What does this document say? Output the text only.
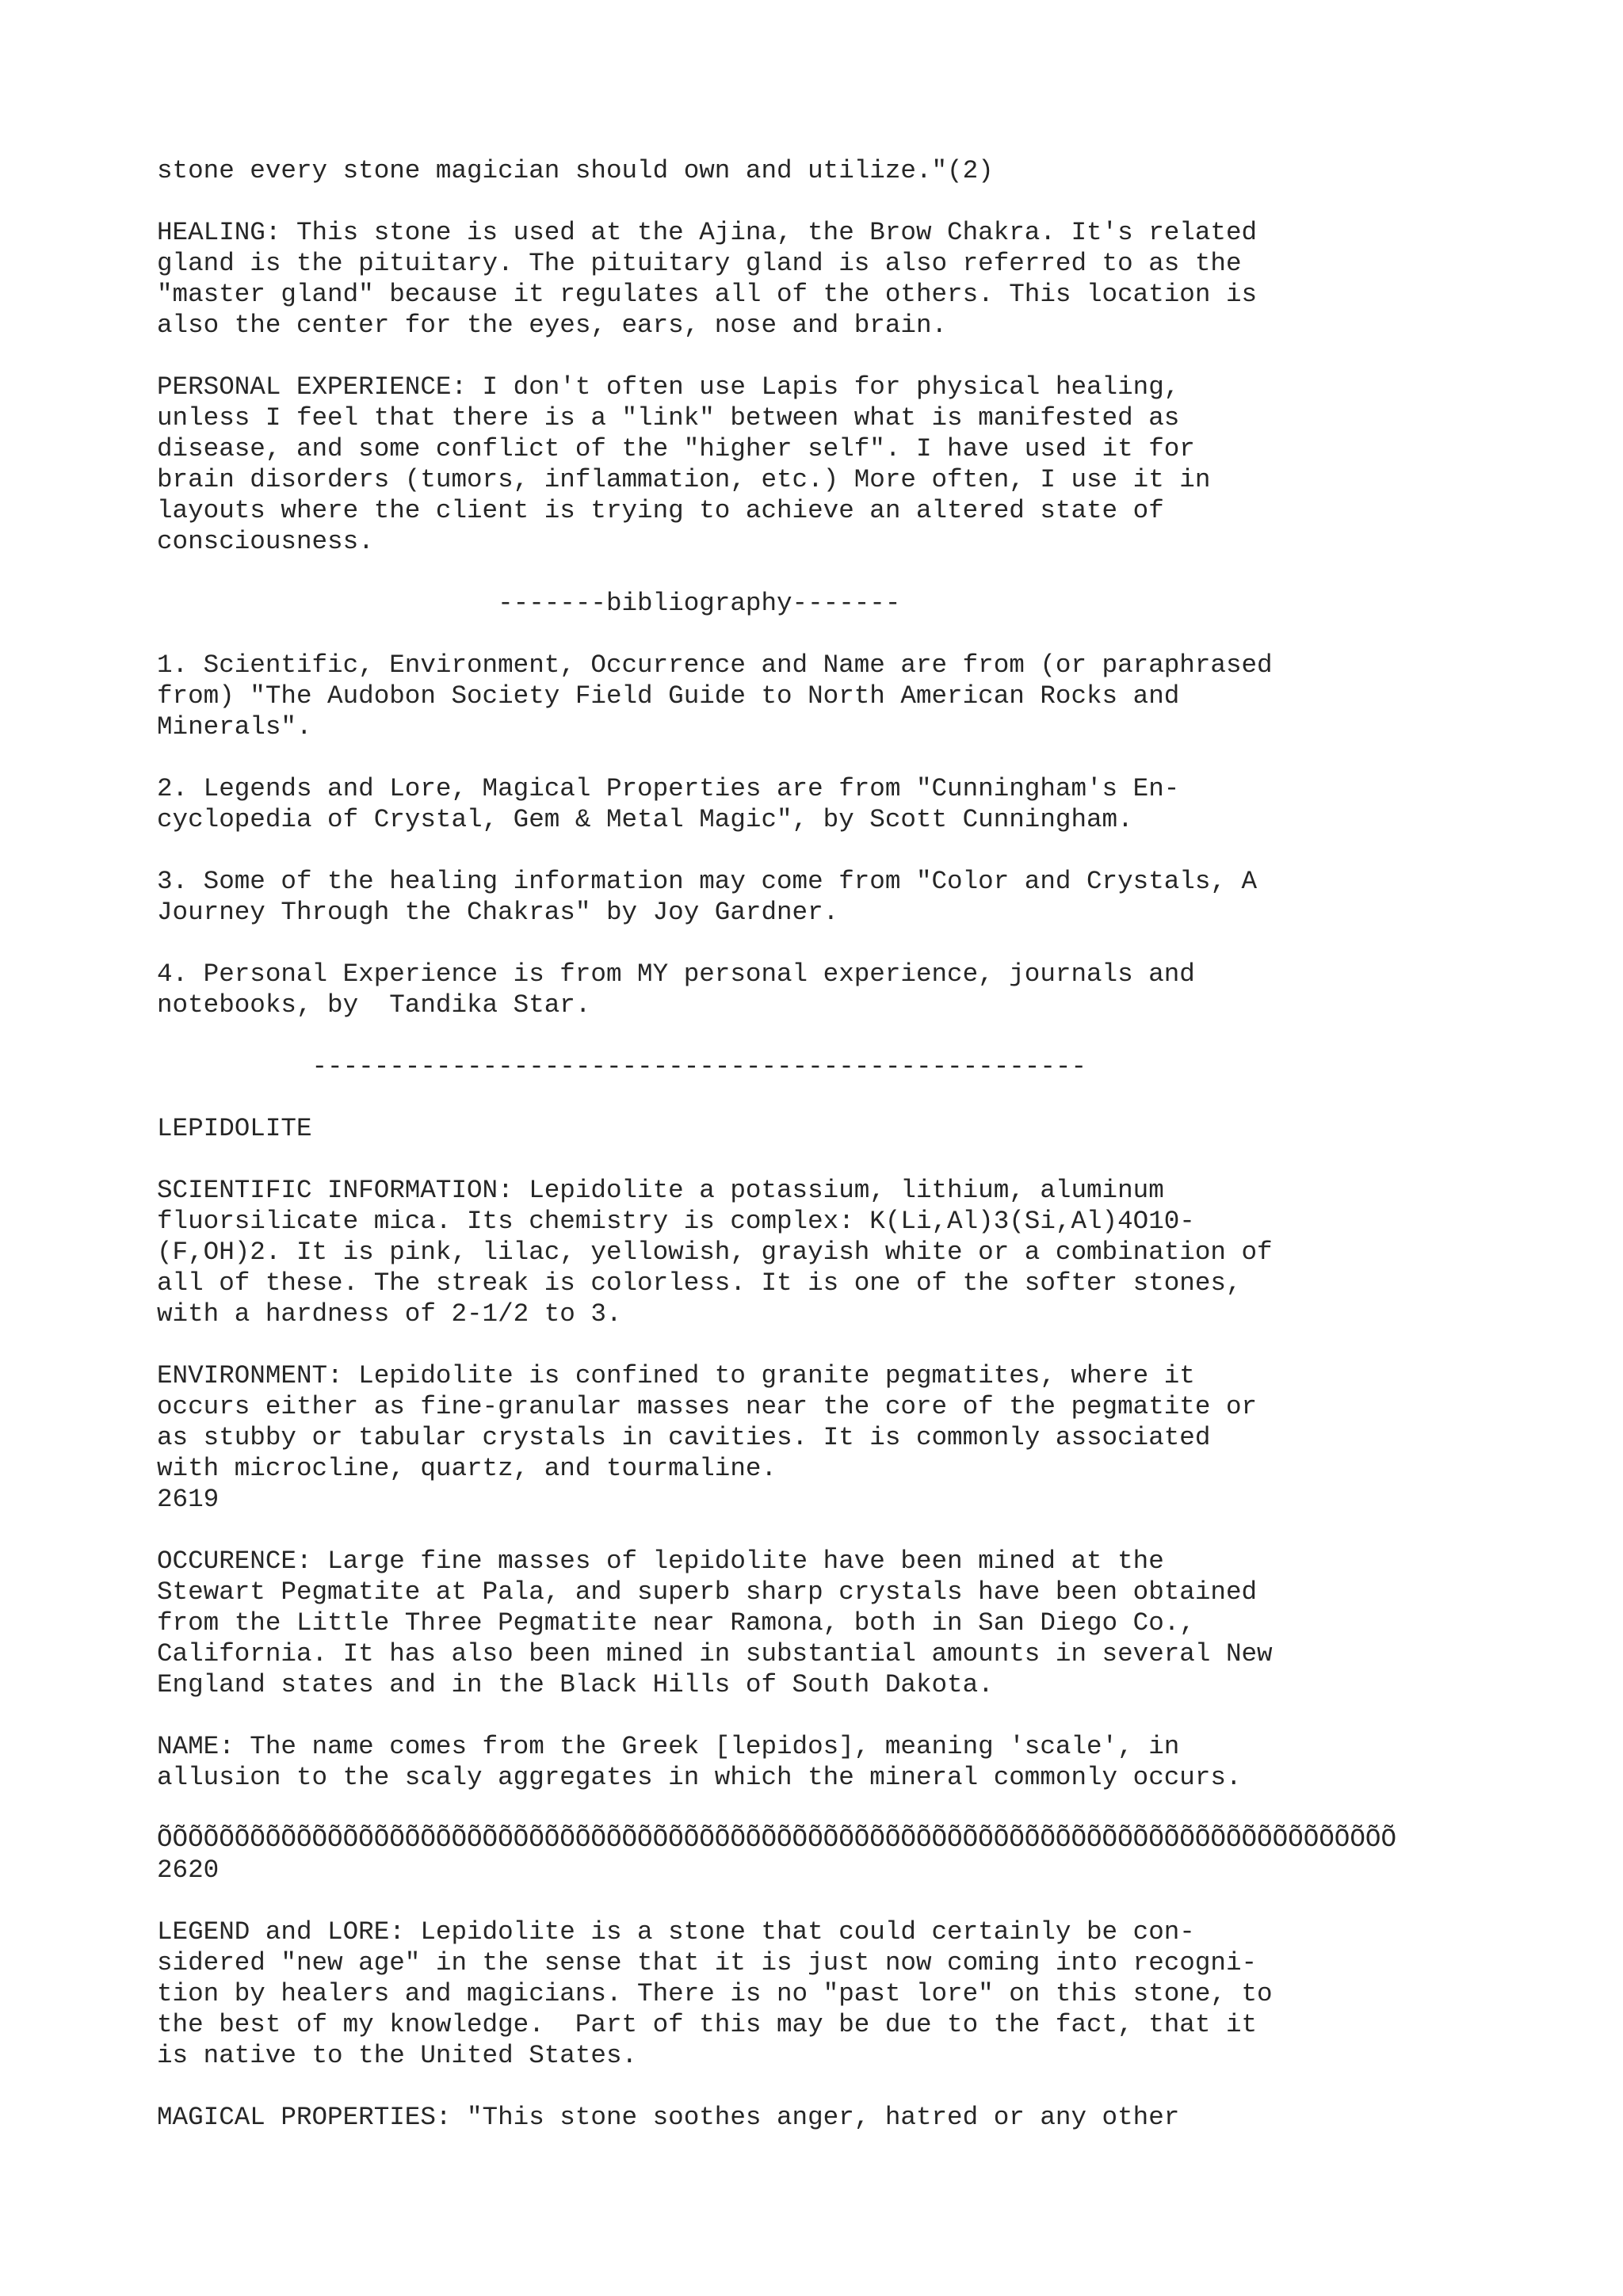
stone every stone magician should own and utilize."(2)
HEALING: This stone is used at the Ajina, the Brow Chakra. It's related
gland is the pituitary. The pituitary gland is also referred to as the
"master gland" because it regulates all of the others. This location is
also the center for the eyes, ears, nose and brain.
PERSONAL EXPERIENCE: I don't often use Lapis for physical healing,
unless I feel that there is a "link" between what is manifested as
disease, and some conflict of the "higher self". I have used it for
brain disorders (tumors, inflammation, etc.) More often, I use it in
layouts where the client is trying to achieve an altered state of
consciousness.
-------bibliography-------
1. Scientific, Environment, Occurrence and Name are from (or paraphrased
from) "The Audobon Society Field Guide to North American Rocks and
Minerals".
2. Legends and Lore, Magical Properties are from "Cunningham's En-
cyclopedia of Crystal, Gem & Metal Magic", by Scott Cunningham.
3. Some of the healing information may come from "Color and Crystals, A
Journey Through the Chakras" by Joy Gardner.
4. Personal Experience is from MY personal experience, journals and
notebooks, by  Tandika Star.
--------------------------------------------------
LEPIDOLITE
SCIENTIFIC INFORMATION: Lepidolite a potassium, lithium, aluminum
fluorsilicate mica. Its chemistry is complex: K(Li,Al)3(Si,Al)4O10-
(F,OH)2. It is pink, lilac, yellowish, grayish white or a combination of
all of these. The streak is colorless. It is one of the softer stones,
with a hardness of 2-1/2 to 3.
ENVIRONMENT: Lepidolite is confined to granite pegmatites, where it
occurs either as fine-granular masses near the core of the pegmatite or
as stubby or tabular crystals in cavities. It is commonly associated
with microcline, quartz, and tourmaline.
2619
OCCURENCE: Large fine masses of lepidolite have been mined at the
Stewart Pegmatite at Pala, and superb sharp crystals have been obtained
from the Little Three Pegmatite near Ramona, both in San Diego Co.,
California. It has also been mined in substantial amounts in several New
England states and in the Black Hills of South Dakota.
NAME: The name comes from the Greek [lepidos], meaning 'scale', in
allusion to the scaly aggregates in which the mineral commonly occurs.
ÕÕÕÕÕÕÕÕÕÕÕÕÕÕÕÕÕÕÕÕÕÕÕÕÕÕÕÕÕÕÕÕÕÕÕÕÕÕÕÕÕÕÕÕÕÕÕÕÕÕÕÕÕÕÕÕÕÕÕÕÕÕÕÕÕÕÕÕÕÕÕÕÕÕÕÕÕÕÕÕ
2620
LEGEND and LORE: Lepidolite is a stone that could certainly be con-
sidered "new age" in the sense that it is just now coming into recogni-
tion by healers and magicians. There is no "past lore" on this stone, to
the best of my knowledge.  Part of this may be due to the fact, that it
is native to the United States.
MAGICAL PROPERTIES: "This stone soothes anger, hatred or any other
